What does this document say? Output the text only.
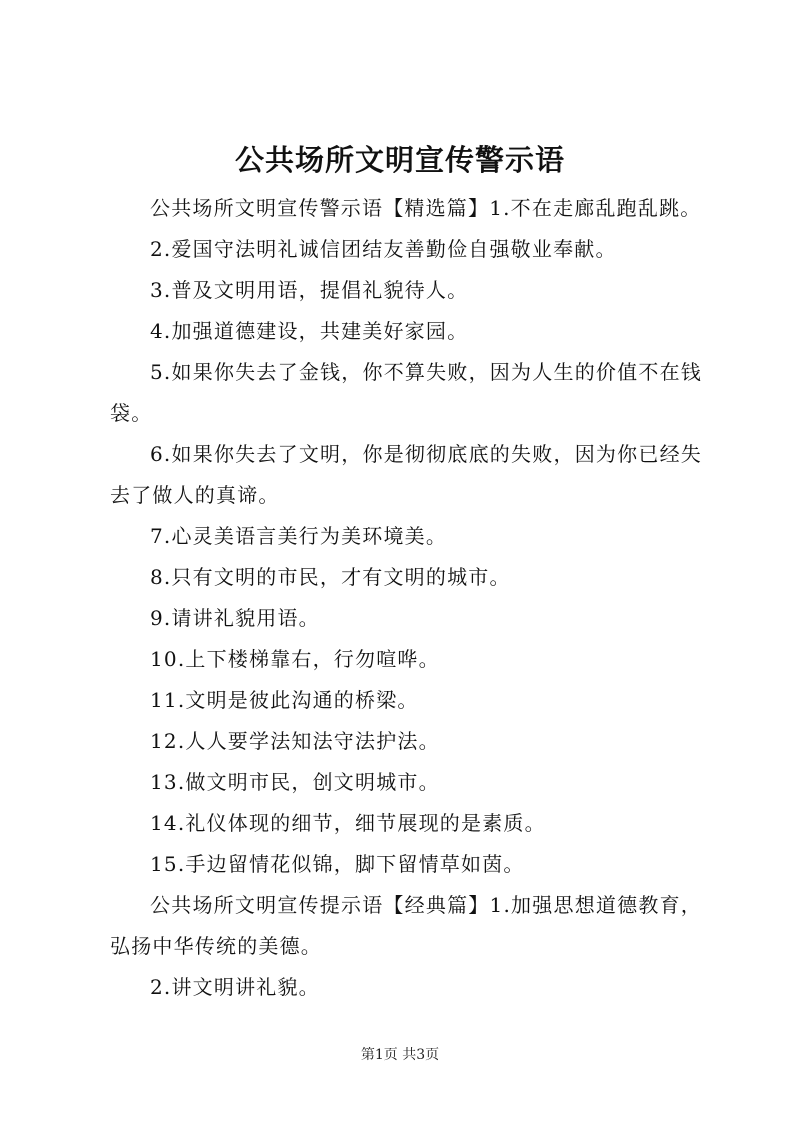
公共场所文明宣传警示语

公共场所文明宣传警示语【精选篇】1.不在走廊乱跑乱跳。

2.爱国守法明礼诚信团结友善勤俭自强敬业奉献。

3.普及文明用语，提倡礼貌待人。

4.加强道德建设，共建美好家园。

5.如果你失去了金钱，你不算失败，因为人生的价值不在钱袋。

6.如果你失去了文明，你是彻彻底底的失败，因为你已经失去了做人的真谛。

7.心灵美语言美行为美环境美。

8.只有文明的市民，才有文明的城市。

9.请讲礼貌用语。

10.上下楼梯靠右，行勿喧哗。

11.文明是彼此沟通的桥梁。

12.人人要学法知法守法护法。

13.做文明市民，创文明城市。

14.礼仪体现的细节，细节展现的是素质。

15.手边留情花似锦，脚下留情草如茵。

公共场所文明宣传提示语【经典篇】1.加强思想道德教育，弘扬中华传统的美德。

2.讲文明讲礼貌。

第1页 共3页
